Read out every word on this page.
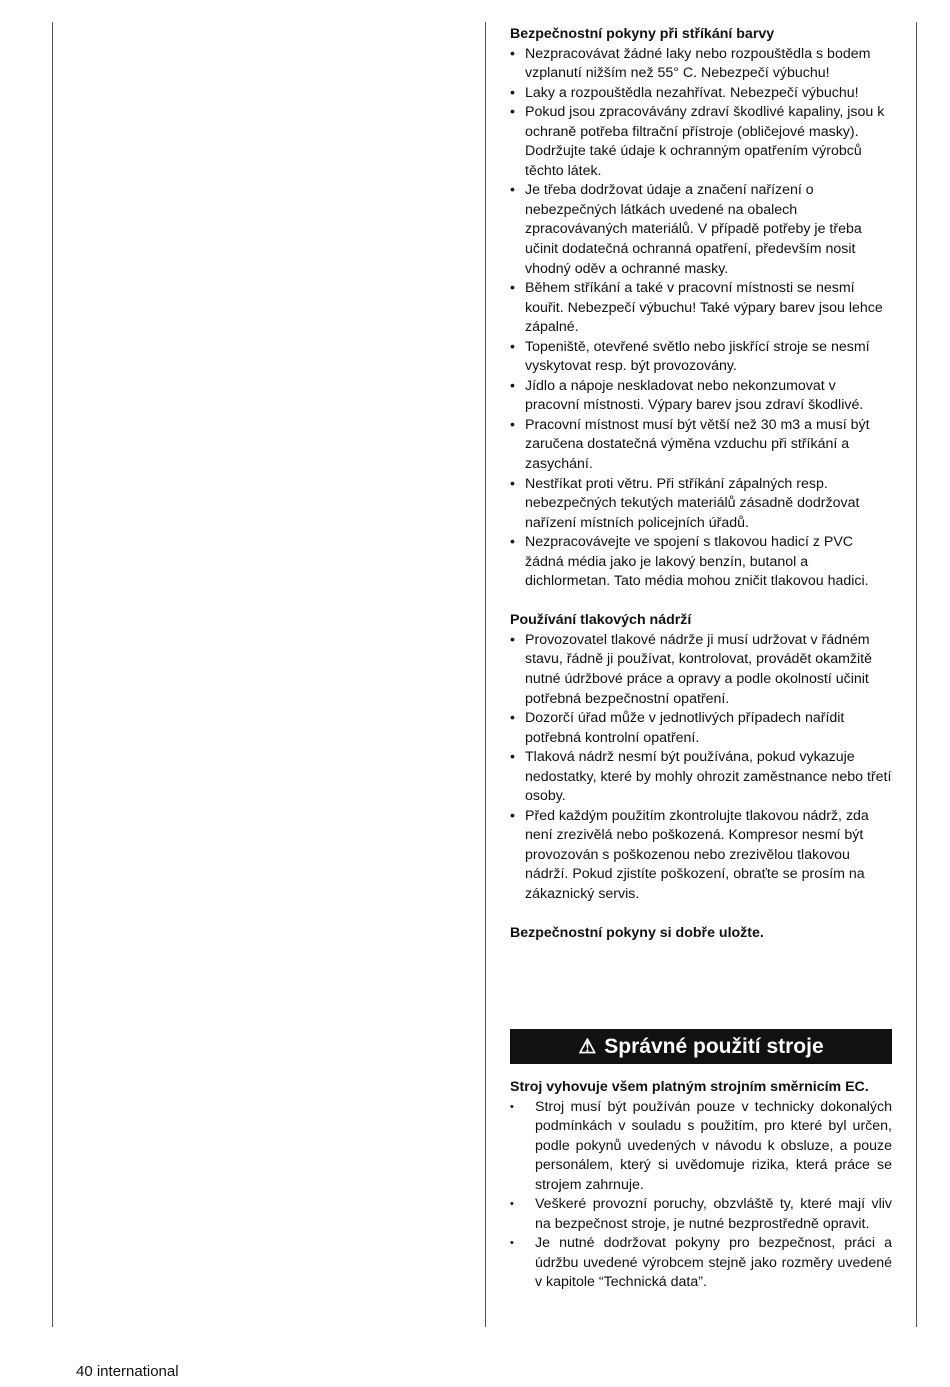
Bezpečnostní pokyny při stříkání barvy

• Nezpracovávat žádné laky nebo rozpouštědla s bodem vzplanutí nižším než 55° C. Nebezpečí výbuchu!
• Laky a rozpouštědla nezahřívat. Nebezpečí výbuchu!
• Pokud jsou zpracovávány zdraví škodlivé kapaliny, jsou k ochraně potřeba filtrační přístroje (obličejové masky). Dodržujte také údaje k ochranným opatřením výrobců těchto látek.
• Je třeba dodržovat údaje a značení nařízení o nebezpečných látkách uvedené na obalech zpracovávaných materiálů. V případě potřeby je třeba učinit dodatečná ochranná opatření, především nosit vhodný oděv a ochranné masky.
• Během stříkání a také v pracovní místnosti se nesmí kouřit. Nebezpečí výbuchu! Také výpary barev jsou lehce zápalné.
• Topeniště, otevřené světlo nebo jiskřící stroje se nesmí vyskytovat resp. být provozovány.
• Jídlo a nápoje neskladovat nebo nekonzumovat v pracovní místnosti. Výpary barev jsou zdraví škodlivé.
• Pracovní místnost musí být větší než 30 m3 a musí být zaručena dostatečná výměna vzduchu při stříkání a zasychání.
• Nestříkat proti větru. Při stříkání zápalných resp. nebezpečných tekutých materiálů zásadně dodržovat nařízení místních policejních úřadů.
• Nezpracovávejte ve spojení s tlakovou hadicí z PVC žádná média jako je lakový benzín, butanol a dichlormetan. Tato média mohou zničit tlakovou hadici.

Používání tlakových nádrží

• Provozovatel tlakové nádrže ji musí udržovat v řádném stavu, řádně ji používat, kontrolovat, provádět okamžitě nutné údržbové práce a opravy a podle okolností učinit potřebná bezpečnostní opatření.
• Dozorčí úřad může v jednotlivých případech nařídit potřebná kontrolní opatření.
• Tlaková nádrž nesmí být používána, pokud vykazuje nedostatky, které by mohly ohrozit zaměstnance nebo třetí osoby.
• Před každým použitím zkontrolujte tlakovou nádrž, zda není zrezivělá nebo poškozená. Kompresor nesmí být provozován s poškozenou nebo zrezivělou tlakovou nádrží. Pokud zjistíte poškození, obraťte se prosím na zákaznický servis.

Bezpečnostní pokyny si dobře uložte.

⚠ Správné použití stroje

Stroj vyhovuje všem platným strojním směrnicím EC.

• Stroj musí být používán pouze v technicky dokonalých podmínkách v souladu s použitím, pro které byl určen, podle pokynů uvedených v návodu k obsluze, a pouze personálem, který si uvědomuje rizika, která práce se strojem zahrnuje.
• Veškeré provozní poruchy, obzvláště ty, které mají vliv na bezpečnost stroje, je nutné bezprostředně opravit.
• Je nutné dodržovat pokyny pro bezpečnost, práci a údržbu uvedené výrobcem stejně jako rozměry uvedené v kapitole “Technická data”.
40 international
